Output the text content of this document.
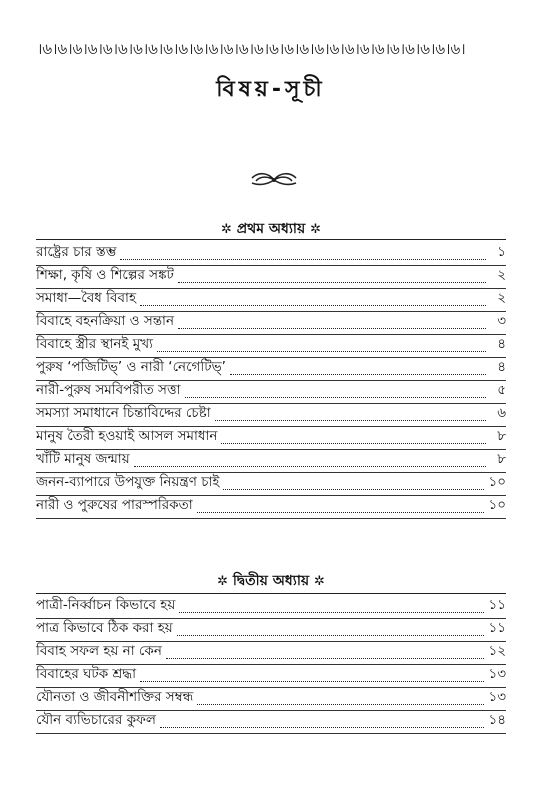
।৬।৬।৬।৬।৬।৬।৬।৬।৬।৬।৬।৬।৬।৬।৬।৬।৬।৬।৬।৬।৬।৬।৬।৬।৬।৬।৬।৬।
বিষয়-সূচী
✲ প্রথম অধ্যায় ✲
রাষ্ট্রের চার স্তম্ভ	১
শিক্ষা, কৃষি ও শিল্পের সঙ্কট	২
সমাধা—বৈধ বিবাহ	২
বিবাহে বহনক্রিয়া ও সন্তান	৩
বিবাহে স্ত্রীর স্থানই মুখ্য	৪
পুরুষ ‘পজিটিভ্’ ও নারী ‘নেগেটিভ্’	৪
নারী-পুরুষ সমবিপরীত সত্তা	৫
সমস্যা সমাধানে চিন্তাবিদ্দের চেষ্টা	৬
মানুষ তৈরী হওয়াই আসল সমাধান	৮
খাঁটি মানুষ জন্মায়	৮
জনন-ব্যাপারে উপযুক্ত নিয়ন্ত্রণ চাই	১০
নারী ও পুরুষের পারস্পরিকতা	১০
✲ দ্বিতীয় অধ্যায় ✲
পাত্রী-নির্ব্বাচন কিভাবে হয়	১১
পাত্র কিভাবে ঠিক করা হয়	১১
বিবাহ সফল হয় না কেন	১২
বিবাহের ঘটক শ্রদ্ধা	১৩
যৌনতা ও জীবনীশক্তির সম্বন্ধ	১৩
যৌন ব্যভিচারের কুফল	১৪
